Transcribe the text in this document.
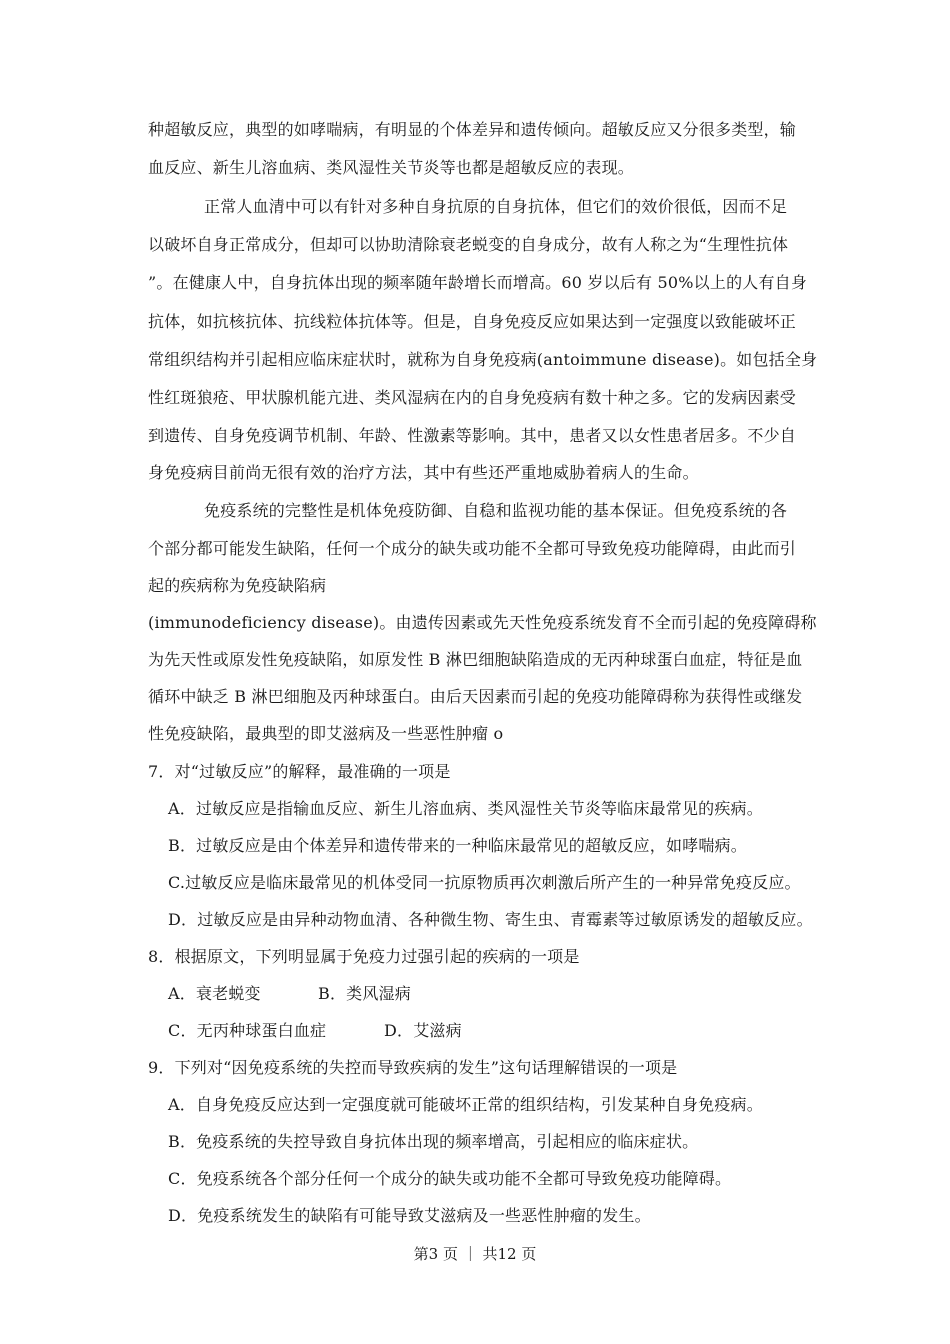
种超敏反应，典型的如哮喘病，有明显的个体差异和遗传倾向。超敏反应又分很多类型，输
血反应、新生儿溶血病、类风湿性关节炎等也都是超敏反应的表现。
正常人血清中可以有针对多种自身抗原的自身抗体，但它们的效价很低，因而不足
以破坏自身正常成分，但却可以协助清除衰老蜕变的自身成分，故有人称之为“生理性抗体
”。在健康人中，自身抗体出现的频率随年龄增长而增高。60 岁以后有 50%以上的人有自身
抗体，如抗核抗体、抗线粒体抗体等。但是，自身免疫反应如果达到一定强度以致能破坏正
常组织结构并引起相应临床症状时，就称为自身免疫病(antoimmune disease)。如包括全身
性红斑狼疮、甲状腺机能亢进、类风湿病在内的自身免疫病有数十种之多。它的发病因素受
到遗传、自身免疫调节机制、年龄、性激素等影响。其中，患者又以女性患者居多。不少自
身免疫病目前尚无很有效的治疗方法，其中有些还严重地威胁着病人的生命。
免疫系统的完整性是机体免疫防御、自稳和监视功能的基本保证。但免疫系统的各
个部分都可能发生缺陷，任何一个成分的缺失或功能不全都可导致免疫功能障碍，由此而引
起的疾病称为免疫缺陷病
(immunodeficiency disease)。由遗传因素或先天性免疫系统发育不全而引起的免疫障碍称
为先天性或原发性免疫缺陷，如原发性 B 淋巴细胞缺陷造成的无丙种球蛋白血症，特征是血
循环中缺乏 B 淋巴细胞及丙种球蛋白。由后天因素而引起的免疫功能障碍称为获得性或继发
性免疫缺陷，最典型的即艾滋病及一些恶性肿瘤 o
7．对“过敏反应”的解释，最准确的一项是
A．过敏反应是指输血反应、新生儿溶血病、类风湿性关节炎等临床最常见的疾病。
B．过敏反应是由个体差异和遗传带来的一种临床最常见的超敏反应，如哮喘病。
C.过敏反应是临床最常见的机体受同一抗原物质再次刺激后所产生的一种异常免疫反应。
D．过敏反应是由异种动物血清、各种微生物、寄生虫、青霉素等过敏原诱发的超敏反应。
8．根据原文，下列明显属于免疫力过强引起的疾病的一项是
A．衰老蜕变	B．类风湿病
C．无丙种球蛋白血症	D．艾滋病
9．下列对“因免疫系统的失控而导致疾病的发生”这句话理解错误的一项是
A．自身免疫反应达到一定强度就可能破坏正常的组织结构，引发某种自身免疫病。
B．免疫系统的失控导致自身抗体出现的频率增高，引起相应的临床症状。
C．免疫系统各个部分任何一个成分的缺失或功能不全都可导致免疫功能障碍。
D．免疫系统发生的缺陷有可能导致艾滋病及一些恶性肿瘤的发生。
第3 页 ｜ 共12 页
